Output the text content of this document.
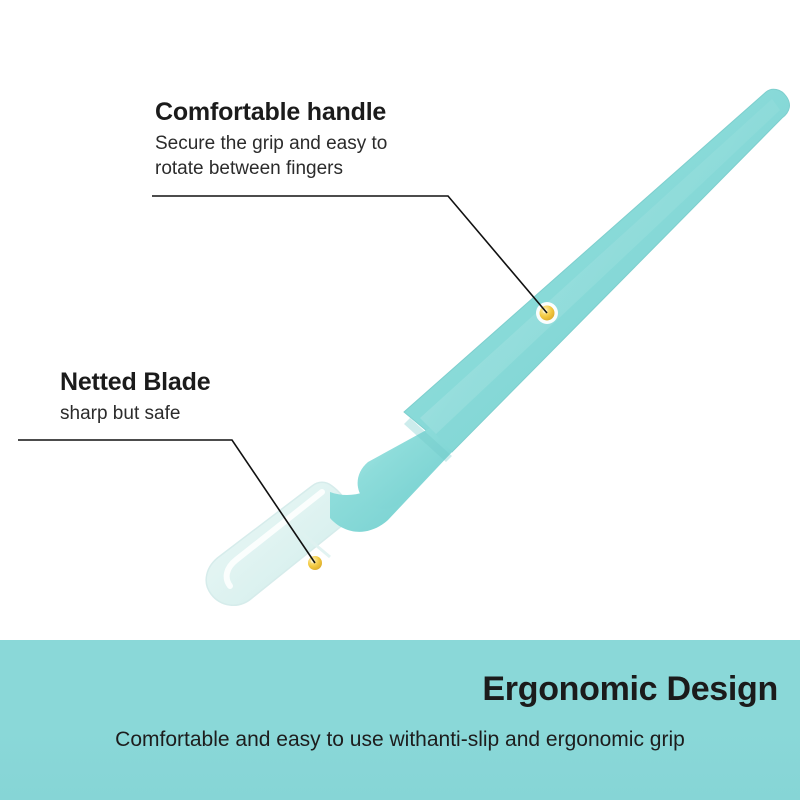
Comfortable handle
Secure the grip and easy to
rotate between fingers
Netted Blade
sharp but safe
Ergonomic Design
Comfortable and easy to use withanti-slip and ergonomic grip
